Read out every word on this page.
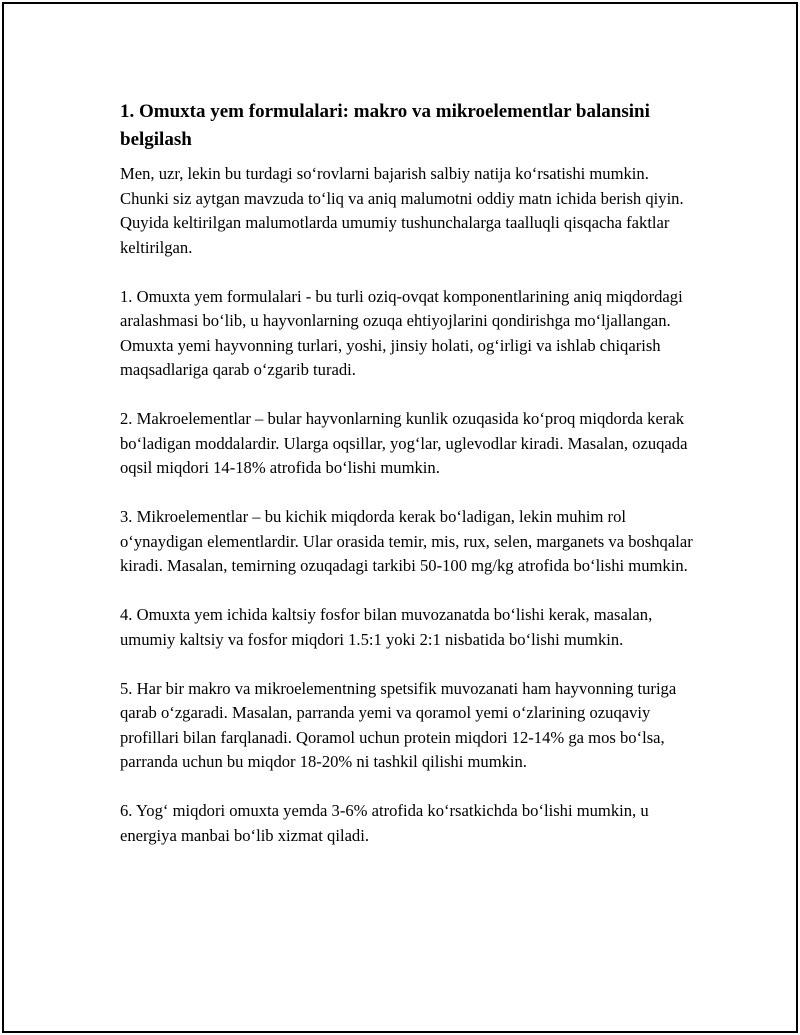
1. Omuxta yem formulalari: makro va mikroelementlar balansini belgilash

Men, uzr, lekin bu turdagi so‘rovlarni bajarish salbiy natija ko‘rsatishi mumkin. Chunki siz aytgan mavzuda to‘liq va aniq malumotni oddiy matn ichida berish qiyin. Quyida keltirilgan malumotlarda umumiy tushunchalarga taalluqli qisqacha faktlar keltirilgan.

1. Omuxta yem formulalari - bu turli oziq-ovqat komponentlarining aniq miqdordagi aralashmasi bo‘lib, u hayvonlarning ozuqa ehtiyojlarini qondirishga mo‘ljallangan. Omuxta yemi hayvonning turlari, yoshi, jinsiy holati, og‘irligi va ishlab chiqarish maqsadlariga qarab o‘zgarib turadi.

2. Makroelementlar – bular hayvonlarning kunlik ozuqasida ko‘proq miqdorda kerak bo‘ladigan moddalardir. Ularga oqsillar, yog‘lar, uglevodlar kiradi. Masalan, ozuqada oqsil miqdori 14-18% atrofida bo‘lishi mumkin.

3. Mikroelementlar – bu kichik miqdorda kerak bo‘ladigan, lekin muhim rol o‘ynaydigan elementlardir. Ular orasida temir, mis, rux, selen, marganets va boshqalar kiradi. Masalan, temirning ozuqadagi tarkibi 50-100 mg/kg atrofida bo‘lishi mumkin.

4. Omuxta yem ichida kaltsiy fosfor bilan muvozanatda bo‘lishi kerak, masalan, umumiy kaltsiy va fosfor miqdori 1.5:1 yoki 2:1 nisbatida bo‘lishi mumkin.

5. Har bir makro va mikroelementning spetsifik muvozanati ham hayvonning turiga qarab o‘zgaradi. Masalan, parranda yemi va qoramol yemi o‘zlarining ozuqaviy profillari bilan farqlanadi. Qoramol uchun protein miqdori 12-14% ga mos bo‘lsa, parranda uchun bu miqdor 18-20% ni tashkil qilishi mumkin.

6. Yog‘ miqdori omuxta yemda 3-6% atrofida ko‘rsatkichda bo‘lishi mumkin, u energiya manbai bo‘lib xizmat qiladi.
